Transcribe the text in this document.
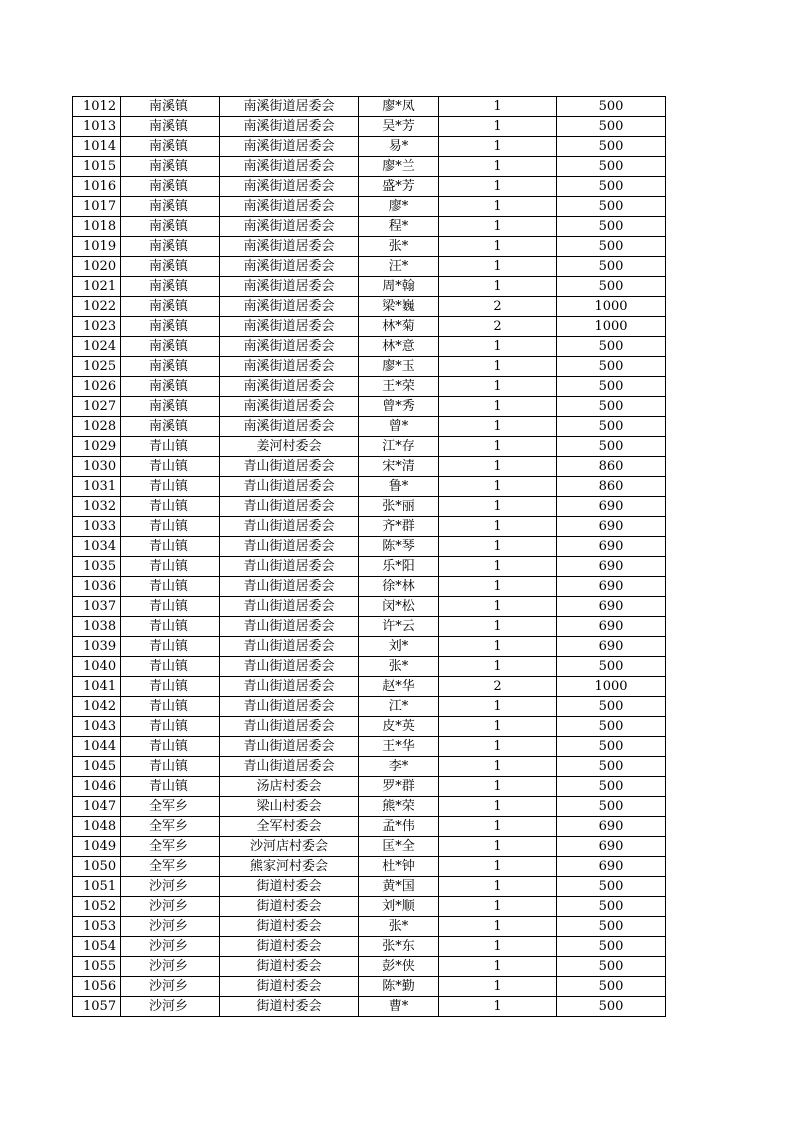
1012	南溪镇	南溪街道居委会	廖*凤	1	500
1013	南溪镇	南溪街道居委会	吴*芳	1	500
1014	南溪镇	南溪街道居委会	易*	1	500
1015	南溪镇	南溪街道居委会	廖*兰	1	500
1016	南溪镇	南溪街道居委会	盛*芳	1	500
1017	南溪镇	南溪街道居委会	廖*	1	500
1018	南溪镇	南溪街道居委会	程*	1	500
1019	南溪镇	南溪街道居委会	张*	1	500
1020	南溪镇	南溪街道居委会	汪*	1	500
1021	南溪镇	南溪街道居委会	周*翰	1	500
1022	南溪镇	南溪街道居委会	梁*巍	2	1000
1023	南溪镇	南溪街道居委会	林*菊	2	1000
1024	南溪镇	南溪街道居委会	林*意	1	500
1025	南溪镇	南溪街道居委会	廖*玉	1	500
1026	南溪镇	南溪街道居委会	王*荣	1	500
1027	南溪镇	南溪街道居委会	曾*秀	1	500
1028	南溪镇	南溪街道居委会	曾*	1	500
1029	青山镇	姜河村委会	江*存	1	500
1030	青山镇	青山街道居委会	宋*清	1	860
1031	青山镇	青山街道居委会	鲁*	1	860
1032	青山镇	青山街道居委会	张*丽	1	690
1033	青山镇	青山街道居委会	齐*群	1	690
1034	青山镇	青山街道居委会	陈*琴	1	690
1035	青山镇	青山街道居委会	乐*阳	1	690
1036	青山镇	青山街道居委会	徐*林	1	690
1037	青山镇	青山街道居委会	闵*松	1	690
1038	青山镇	青山街道居委会	许*云	1	690
1039	青山镇	青山街道居委会	刘*	1	690
1040	青山镇	青山街道居委会	张*	1	500
1041	青山镇	青山街道居委会	赵*华	2	1000
1042	青山镇	青山街道居委会	江*	1	500
1043	青山镇	青山街道居委会	皮*英	1	500
1044	青山镇	青山街道居委会	王*华	1	500
1045	青山镇	青山街道居委会	李*	1	500
1046	青山镇	汤店村委会	罗*群	1	500
1047	全军乡	梁山村委会	熊*荣	1	500
1048	全军乡	全军村委会	孟*伟	1	690
1049	全军乡	沙河店村委会	匡*全	1	690
1050	全军乡	熊家河村委会	杜*钟	1	690
1051	沙河乡	街道村委会	黄*国	1	500
1052	沙河乡	街道村委会	刘*顺	1	500
1053	沙河乡	街道村委会	张*	1	500
1054	沙河乡	街道村委会	张*东	1	500
1055	沙河乡	街道村委会	彭*侠	1	500
1056	沙河乡	街道村委会	陈*勤	1	500
1057	沙河乡	街道村委会	曹*	1	500
